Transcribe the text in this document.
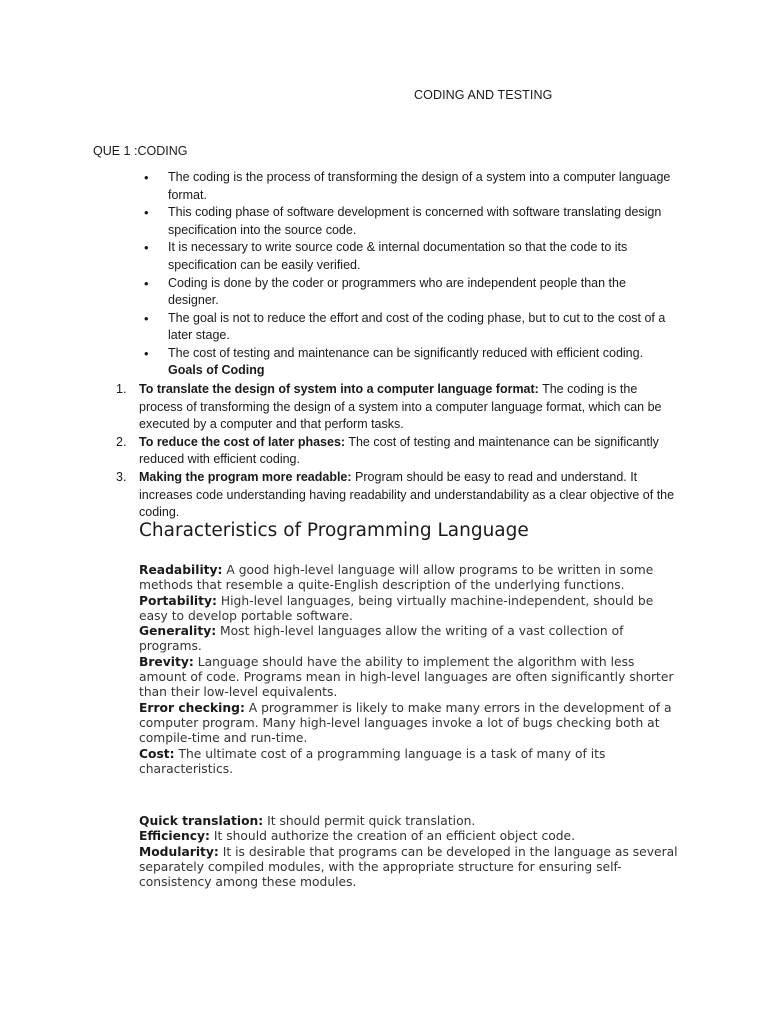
CODING AND TESTING
QUE 1 :CODING
• The coding is the process of transforming the design of a system into a computer language format.
• This coding phase of software development is concerned with software translating design specification into the source code.
• It is necessary to write source code & internal documentation so that the code to its specification can be easily verified.
• Coding is done by the coder or programmers who are independent people than the designer.
• The goal is not to reduce the effort and cost of the coding phase, but to cut to the cost of a later stage.
• The cost of testing and maintenance can be significantly reduced with efficient coding.
Goals of Coding
1. To translate the design of system into a computer language format: The coding is the process of transforming the design of a system into a computer language format, which can be executed by a computer and that perform tasks.
2. To reduce the cost of later phases: The cost of testing and maintenance can be significantly reduced with efficient coding.
3. Making the program more readable: Program should be easy to read and understand. It increases code understanding having readability and understandability as a clear objective of the coding.
Characteristics of Programming Language

Readability: A good high-level language will allow programs to be written in some methods that resemble a quite-English description of the underlying functions.

Portability: High-level languages, being virtually machine-independent, should be easy to develop portable software.

Generality: Most high-level languages allow the writing of a vast collection of programs.

Brevity: Language should have the ability to implement the algorithm with less amount of code. Programs mean in high-level languages are often significantly shorter than their low-level equivalents.

Error checking: A programmer is likely to make many errors in the development of a computer program. Many high-level languages invoke a lot of bugs checking both at compile-time and run-time.

Cost: The ultimate cost of a programming language is a task of many of its characteristics.

Quick translation: It should permit quick translation.

Efficiency: It should authorize the creation of an efficient object code.

Modularity: It is desirable that programs can be developed in the language as several separately compiled modules, with the appropriate structure for ensuring self-consistency among these modules.
